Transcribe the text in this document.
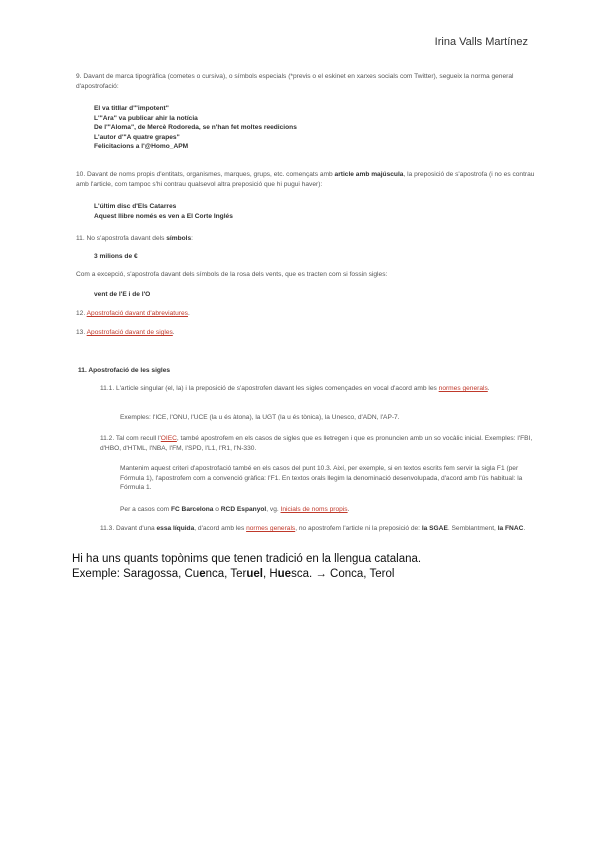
Irina Valls Martínez

9. Davant de marca tipogràfica (cometes o cursiva), o símbols especials (*previs o el eskinet en xarxes socials com Twitter), segueix la norma general d'apostrofació:

El va titllar d'"impotent"

L'"Ara" va publicar ahir la notícia

De l'"Aloma", de Mercè Rodoreda, se n'han fet moltes reedicions

L'autor d'"A quatre grapes"

Felicitacions a l'@Homo_APM

10. Davant de noms propis d'entitats, organismes, marques, grups, etc. començats amb article amb majúscula, la preposició de s'apostrofa (i no es contrau amb l'article, com tampoc s'hi contrau qualsevol altra preposició que hi pugui haver):

L'últim disc d'Els Catarres

Aquest llibre només es ven a El Corte Inglés

11. No s'apostrofa davant dels símbols:

3 milions de €

Com a excepció, s'apostrofa davant dels símbols de la rosa dels vents, que es tracten com si fossin sigles:

vent de l'E i de l'O

12. Apostrofació davant d'abreviatures.

13. Apostrofació davant de sigles.

11. Apostrofació de les sigles

11.1. L'article singular (el, la) i la preposició de s'apostrofen davant les sigles començades en vocal d'acord amb les normes generals.

Exemples: l'ICE, l'ONU, l'UCE (la u és àtona), la UGT (la u és tònica), la Unesco, d'ADN, l'AP-7.

11.2. Tal com recull l'OIEC, també apostrofem en els casos de sigles que es lletregen i que es pronuncien amb un so vocàlic inicial. Exemples: l'FBI, d'HBO, d'HTML, l'NBA, l'FM, l'SPD, l'L1, l'R1, l'N-330.

Mantenim aquest criteri d'apostrofació també en els casos del punt 10.3. Així, per exemple, si en textos escrits fem servir la sigla F1 (per Fórmula 1), l'apostrofem com a convenció gràfica: l'F1. En textos orals llegim la denominació desenvolupada, d'acord amb l'ús habitual: la Fórmula 1.

Per a casos com FC Barcelona o RCD Espanyol, vg. Inicials de noms propis.

11.3. Davant d'una essa líquida, d'acord amb les normes generals, no apostrofem l'article ni la preposició de: la SGAE. Semblantment, la FNAC.

Hi ha uns quants topònims que tenen tradició en la llengua catalana.
Exemple: Saragossa, Cuenca, Teruel, Huesca. → Conca, Terol
